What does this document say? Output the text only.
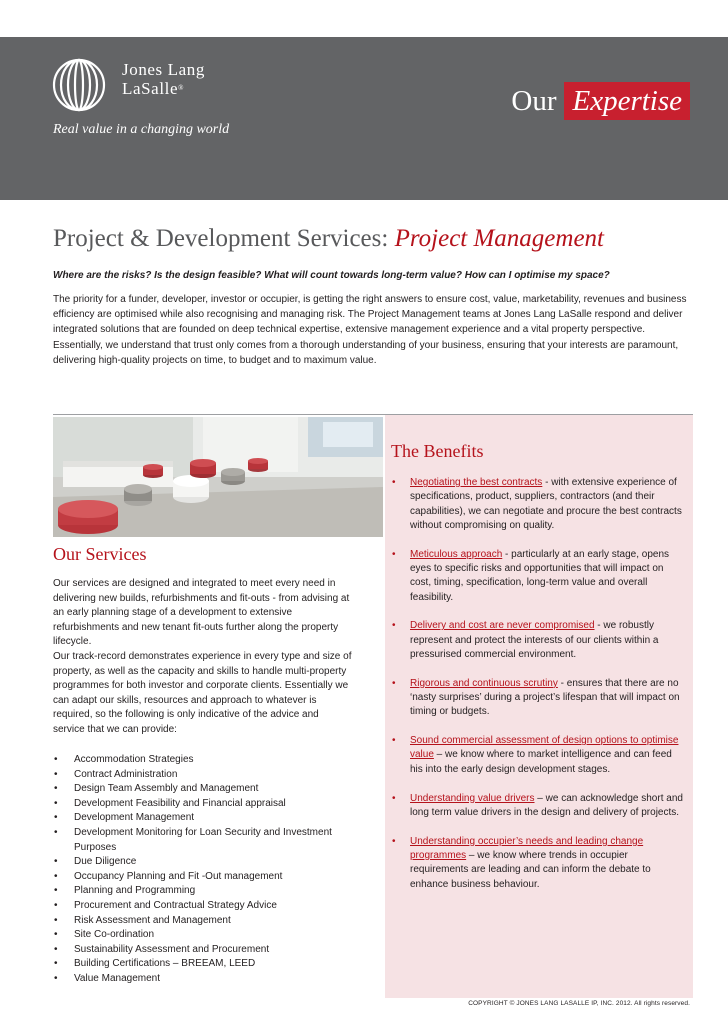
Jones Lang
LaSalle®
Real value in a changing world
Our Expertise
Project & Development Services: Project Management
Where are the risks? Is the design feasible? What will count towards long-term value? How can I optimise my space?
The priority for a funder, developer, investor or occupier, is getting the right answers to ensure cost, value, marketability, revenues and business efficiency are optimised while also recognising and managing risk. The Project Management teams at Jones Lang LaSalle respond and deliver integrated solutions that are founded on deep technical expertise, extensive management experience and a vital property perspective. Essentially, we understand that trust only comes from a thorough understanding of your business, ensuring that your interests are paramount, delivering high-quality projects on time, to budget and to maximum value.
The Benefits
• Negotiating the best contracts - with extensive experience of specifications, product, suppliers, contractors (and their capabilities), we can negotiate and procure the best contracts without compromising on quality.
• Meticulous approach - particularly at an early stage, opens eyes to specific risks and opportunities that will impact on cost, timing, specification, long-term value and overall feasibility.
• Delivery and cost are never compromised - we robustly represent and protect the interests of our clients within a pressurised commercial environment.
• Rigorous and continuous scrutiny - ensures that there are no ‘nasty surprises’ during a project’s lifespan that will impact on timing or budgets.
• Sound commercial assessment of design options to optimise value – we know where to market intelligence and can feed his into the early design development stages.
• Understanding value drivers – we can acknowledge short and long term value drivers in the design and delivery of projects.
• Understanding occupier’s needs and leading change programmes – we know where trends in occupier requirements are leading and can inform the debate to enhance business behaviour.
Our Services
Our services are designed and integrated to meet every need in delivering new builds, refurbishments and fit-outs - from advising at an early planning stage of a development to extensive refurbishments and new tenant fit-outs further along the property lifecycle.
Our track-record demonstrates experience in every type and size of property, as well as the capacity and skills to handle multi-property programmes for both investor and corporate clients. Essentially we can adapt our skills, resources and approach to whatever is required, so the following is only indicative of the advice and service that we can provide:
• Accommodation Strategies
• Contract Administration
• Design Team Assembly and Management
• Development Feasibility and Financial appraisal
• Development Management
• Development Monitoring for Loan Security and Investment Purposes
• Due Diligence
• Occupancy Planning and Fit -Out management
• Planning and Programming
• Procurement and Contractual Strategy Advice
• Risk Assessment and Management
• Site Co-ordination
• Sustainability Assessment and Procurement
• Building Certifications – BREEAM, LEED
• Value Management
COPYRIGHT © JONES LANG LASALLE IP, INC. 2012. All rights reserved.
